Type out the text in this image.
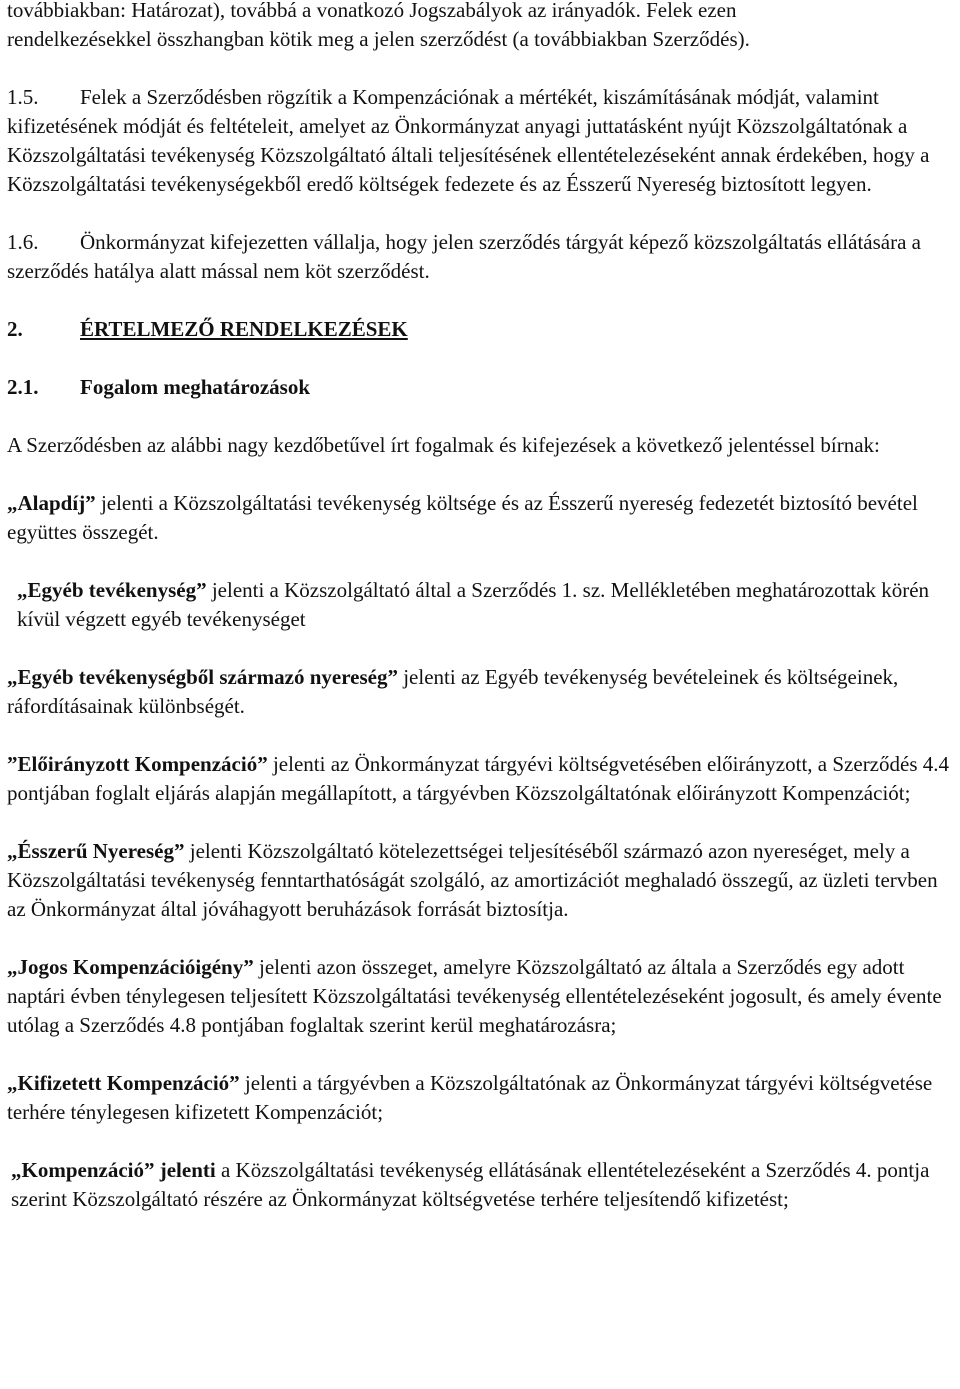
továbbiakban: Határozat), továbbá a vonatkozó Jogszabályok az irányadók. Felek ezen
rendelkezésekkel összhangban kötik meg a jelen szerződést (a továbbiakban Szerződés).

1.5. Felek a Szerződésben rögzítik a Kompenzációnak a mértékét, kiszámításának módját, valamint kifizetésének módját és feltételeit, amelyet az Önkormányzat anyagi juttatásként nyújt Közszolgáltatónak a Közszolgáltatási tevékenység Közszolgáltató általi teljesítésének ellentételezéseként annak érdekében, hogy a Közszolgáltatási tevékenységekből eredő költségek fedezete és az Ésszerű Nyereség biztosított legyen.

1.6. Önkormányzat kifejezetten vállalja, hogy jelen szerződés tárgyát képező közszolgáltatás ellátására a szerződés hatálya alatt mással nem köt szerződést.

2.	ÉRTELMEZŐ RENDELKEZÉSEK

2.1. Fogalom meghatározások

A Szerződésben az alábbi nagy kezdőbetűvel írt fogalmak és kifejezések a következő jelentéssel bírnak:

„Alapdíj” jelenti a Közszolgáltatási tevékenység költsége és az Ésszerű nyereség fedezetét biztosító bevétel együttes összegét.

„Egyéb tevékenység” jelenti a Közszolgáltató által a Szerződés 1. sz. Mellékletében meghatározottak körén kívül végzett egyéb tevékenységet

„Egyéb tevékenységből származó nyereség” jelenti az Egyéb tevékenység bevételeinek és költségeinek, ráfordításainak különbségét.

”Előirányzott Kompenzáció” jelenti az Önkormányzat tárgyévi költségvetésében előirányzott, a Szerződés 4.4 pontjában foglalt eljárás alapján megállapított, a tárgyévben Közszolgáltatónak előirányzott Kompenzációt;

„Ésszerű Nyereség” jelenti Közszolgáltató kötelezettségei teljesítéséből származó azon nyereséget, mely a Közszolgáltatási tevékenység fenntarthatóságát szolgáló, az amortizációt meghaladó összegű, az üzleti tervben az Önkormányzat által jóváhagyott beruházások forrását biztosítja.

„Jogos Kompenzációigény” jelenti azon összeget, amelyre Közszolgáltató az általa a Szerződés egy adott naptári évben ténylegesen teljesített Közszolgáltatási tevékenység ellentételezéseként jogosult, és amely évente utólag a Szerződés 4.8 pontjában foglaltak szerint kerül meghatározásra;

„Kifizetett Kompenzáció” jelenti a tárgyévben a Közszolgáltatónak az Önkormányzat tárgyévi költségvetése terhére ténylegesen kifizetett Kompenzációt;

„Kompenzáció” jelenti a Közszolgáltatási tevékenység ellátásának ellentételezéseként a Szerződés 4. pontja szerint Közszolgáltató részére az Önkormányzat költségvetése terhére teljesítendő kifizetést;
